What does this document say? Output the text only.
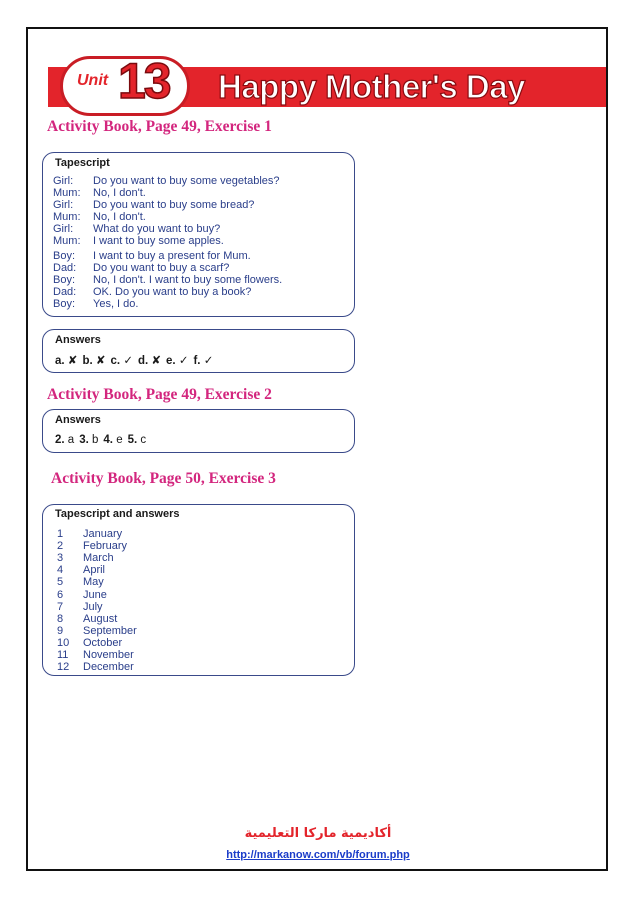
Unit 13 Happy Mother's Day
Activity Book, Page 49, Exercise 1
Tapescript
Girl: Do you want to buy some vegetables?
Mum: No, I don't.
Girl: Do you want to buy some bread?
Mum: No, I don't.
Girl: What do you want to buy?
Mum: I want to buy some apples.
Boy: I want to buy a present for Mum.
Dad: Do you want to buy a scarf?
Boy: No, I don't. I want to buy some flowers.
Dad: OK. Do you want to buy a book?
Boy: Yes, I do.
Answers
a. ✘ b. ✘ c. ✓ d. ✘ e. ✓ f. ✓
Activity Book, Page 49, Exercise 2
Answers
2. a 3. b 4. e 5. c
Activity Book, Page 50, Exercise 3
Tapescript and answers
1 January
2 February
3 March
4 April
5 May
6 June
7 July
8 August
9 September
10 October
11 November
12 December
أكاديمية ماركا التعليمية
http://markanow.com/vb/forum.php
